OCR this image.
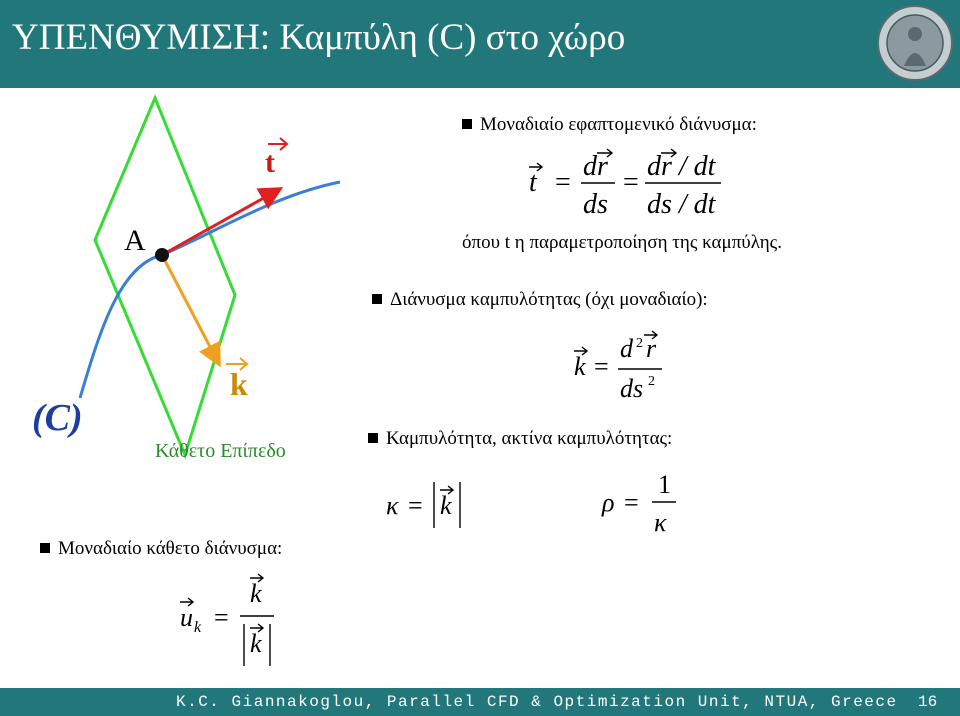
ΥΠΕΝΘΥΜΙΣΗ: Καμπύλη (C) στο χώρο
t
A
k
(C)
Κάθετο Επίπεδο
Μοναδιαίο εφαπτομενικό διάνυσμα:
t =
dr
ds
=
dr / dt
ds / dt
όπου t η παραμετροποίηση της καμπύλης.
Διάνυσμα καμπυλότητας (όχι μοναδιαίο):
k =
d 2 r
ds 2
Καμπυλότητα, ακτίνα καμπυλότητας:
κ = k	ρ =
1
κ
Μοναδιαίο κάθετο διάνυσμα:
u k =
k
k
K.C. Giannakoglou, Parallel CFD & Optimization Unit, NTUA, Greece 16
